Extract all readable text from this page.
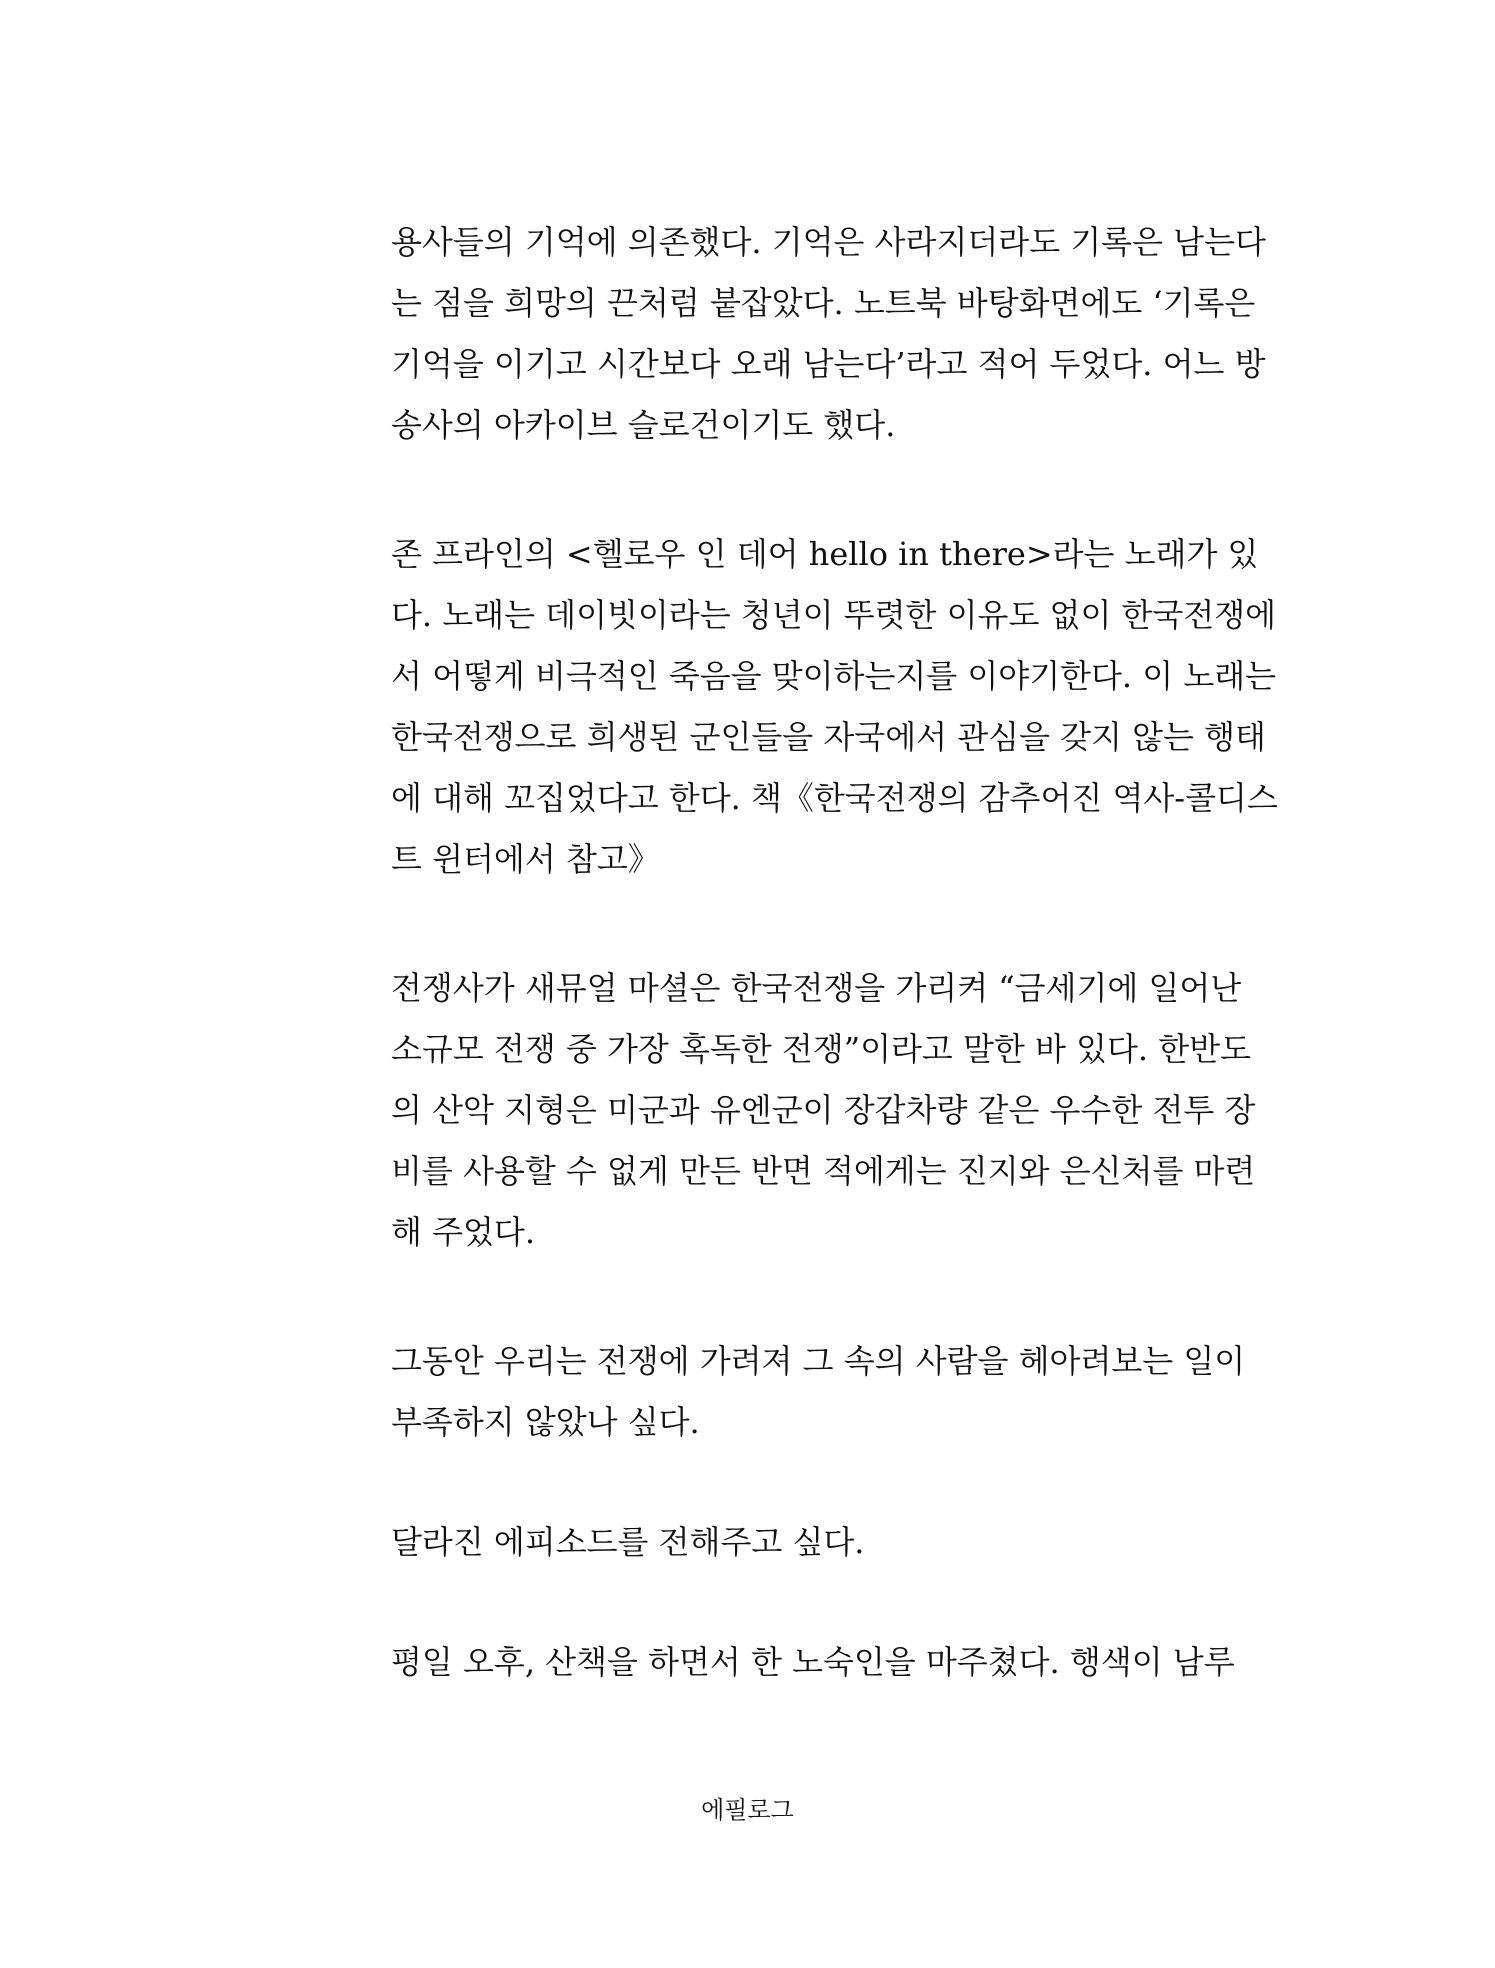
용사들의 기억에 의존했다. 기억은 사라지더라도 기록은 남는다
는 점을 희망의 끈처럼 붙잡았다. 노트북 바탕화면에도 ‘기록은
기억을 이기고 시간보다 오래 남는다’라고 적어 두었다. 어느 방
송사의 아카이브 슬로건이기도 했다.
존 프라인의 <헬로우 인 데어 hello in there>라는 노래가 있
다. 노래는 데이빗이라는 청년이 뚜렷한 이유도 없이 한국전쟁에
서 어떻게 비극적인 죽음을 맞이하는지를 이야기한다. 이 노래는
한국전쟁으로 희생된 군인들을 자국에서 관심을 갖지 않는 행태
에 대해 꼬집었다고 한다. 책《한국전쟁의 감추어진 역사-콜디스
트 윈터에서 참고》
전쟁사가 새뮤얼 마셜은 한국전쟁을 가리켜 “금세기에 일어난
소규모 전쟁 중 가장 혹독한 전쟁”이라고 말한 바 있다. 한반도
의 산악 지형은 미군과 유엔군이 장갑차량 같은 우수한 전투 장
비를 사용할 수 없게 만든 반면 적에게는 진지와 은신처를 마련
해 주었다.
그동안 우리는 전쟁에 가려져 그 속의 사람을 헤아려보는 일이
부족하지 않았나 싶다.
달라진 에피소드를 전해주고 싶다.
평일 오후, 산책을 하면서 한 노숙인을 마주쳤다. 행색이 남루
에필로그
